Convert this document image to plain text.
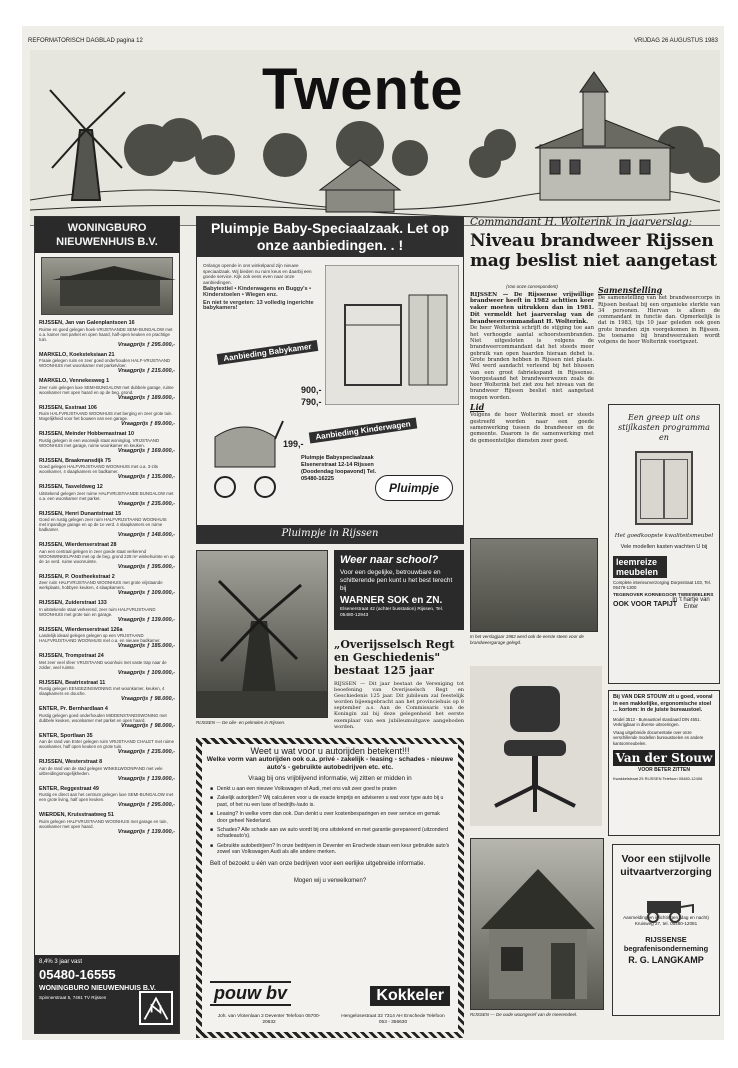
REFORMATORISCH DAGBLAD pagina 12	VRIJDAG 26 AUGUSTUS 1983
Twente
WONINGBURO NIEUWENHUIS B.V.
RIJSSEN, Jan van Galenplantsoen 16
Ruime en goed gelegen hoek-VRIJSTAANDE SEMI-BUNGALOW met o.a. kamer met parket en open haard, half-open keuken en prachtige tuin.
Vraagprijs ƒ 295.000,-
MARKELO, Koeksteksiaan 21
Fraaie gelegen ruim en zeer goed onderhouden HALF-VRIJSTAAND WOONHUIS met woonkamer met parketvloer.
Vraagprijs ƒ 215.000,-
MARKELO, Vennekesweg 1
Zeer ruim gelegen luxe SEMI-BUNGALOW met dubbele garage, ruime woonkamer met open haard en op de beg. grond.
Vraagprijs ƒ 189.000,-
RIJSSEN, Esstraat 106
Ruim HALFVRIJSTAAND WOONHUIS met berging en zeer grote tuin. Mogelijkheid voor het bouwen van een garage.
Vraagprijs ƒ 89.000,-
RIJSSEN, Meinder Hobbemastraat 10
Rustig gelegen in een woonwijk staat woninglog. VRIJSTAAND WOONHUIS met garage, ruime woonkamer en keuken.
Vraagprijs ƒ 169.000,-
RIJSSEN, Braakmansdijk 75
Goed gelegen HALFVRIJSTAAND WOONHUIS met o.a. 3-zits woonkamer, 4 slaapkamers en badkamer.
Vraagprijs ƒ 135.000,-
RIJSSEN, Tasveldweg 12
Uitstekend gelegen zeer ruime HALFVRIJSTAANDE BUNGALOW met o.a. een woonkamer met parket.
Vraagprijs ƒ 235.000,-
RIJSSEN, Henri Dunantstraat 15
Goed en rustig gelegen zeer ruim HALFVRIJSTAAND WOONHUIS met inpandige garage en op de 1e verd. 4 slaapkamers en ruime badkamer.
Vraagprijs ƒ 148.000,-
RIJSSEN, Wierdenserstraat 28
Aan een centraal gelegen in zeer goede staat verkerend WOONWINKELPAND met op de beg. grond 228 m² winkelruimte en op de 1e verd. ruime woonruimte.
Vraagprijs ƒ 395.000,-
RIJSSEN, P. Oostheekstraat 2
Zeer ruim HALFVRIJSTAAND WOONHUIS met grote vrijstaande werkplaats, hobbyen keuken, 4 slaapkamers.
Vraagprijs ƒ 109.000,-
RIJSSEN, Zuiderstraat 133
In uitstekende staat verkerend, zeer ruim HALFVRIJSTAAND WOONHUIS met grote tuin en garage.
Vraagprijs ƒ 139.000,-
RIJSSEN, Wierdenserstraat 126a
Landelijk ideaal gelegen gelegen op een VRIJSTAAND HALFVRIJSTAAND WOONHUIS met o.a. en nieuwe badkamer.
Vraagprijs ƒ 185.000,-
RIJSSEN, Trompstraat 24
Met zeer veel sfeer VRIJSTAAND woonhuis met vaste trap naar de zolder, veel ruimte.
Vraagprijs ƒ 109.000,-
RIJSSEN, Beatrixstraat 11
Rustig gelegen EENGEZINSWONING met woonkamer, keuken, 4 slaapkamers en douche.
Vraagprijs ƒ 98.000,-
ENTER, Pr. Bernhardlaan 4
Rustig gelegen goed onderhouden MIDDENSTANDSWONING met dubbele keuken, woonkamer met parket en open haard.
Vraagprijs ƒ 98.000,-
ENTER, Sportlaan 35
Aan de rand van Enter gelegen ruim VRIJSTAAND CHALET met ruime woonkamer, half open keuken en grote tuin.
Vraagprijs ƒ 235.000,-
RIJSSEN, Westerstraat 8
Aan de rand van de stad gelegen WINKELWOONPAND met vele uitbreidingsmogelijkheden.
Vraagprijs ƒ 139.000,-
ENTER, Reggestraat 49
Rustig en direct aan het centrum gelegen luxe SEMI-BUNGALOW met een grote living, half open keuken.
Vraagprijs ƒ 295.000,-
WIERDEN, Kruisstraatweg 51
Ruim gelegen HALFVRIJSTAAND WOONHUIS met garage en tuin, woonkamer met open haard.
Vraagprijs ƒ 139.000,-
8,4% 3 jaar vast
05480-16555
WONINGBURO NIEUWENHUIS B.V.
Spinnerstraat 5, 7461 TV Rijssen
Pluimpje Baby-Speciaalzaak. Let op onze aanbiedingen. . !
Onlangs opende in ons winkelpand zijn nieuwe speciaalzaak. Wij bieden nu ruim keus en daarbij een goede service. Kijk ook eens even naar onze aanbiedingen.
Babytextiel • Kinderwagens en Buggy's • Kinderstoelen • Wiegen enz.
En niet te vergeten: 13 volledig ingerichte babykamers!
Aanbieding Babykamer
900,-
790,-
199,-
Aanbieding Kinderwagen
Pluimpje Babyspeciaalzaak Elsenerstraat 12-14 Rijssen (Doodendag loopavond) Tel. 05480-16225
Pluimpje
Pluimpje in Rijssen
Commandant H. Wolterink in jaarverslag:
Niveau brandweer Rijssen mag beslist niet aangetast
(Van onze correspondent)

RIJSSEN — De Rijssense vrijwillige brandweer heeft in 1982 achttien keer vaker moeten uitrukken dan in 1981. Dit vermeldt het jaarverslag van de brandweercommandant H. Wolterink.

De heer Wolterink schrijft de stijging toe aan het verhoogde aantal schoorsteenbranden. Niet uitgesloten is volgens de brandweercommandant dat het steeds meer gebruik van open haarden hieraan debet is. Grote branden hebben in Rijssen niet plaats. Wel werd aandacht verleend bij het blussen van een groot fabriekspand in Rijssense. Voorgestaand het brandweerwezen zoals de heer Wolterink het ziet zou het niveau van de brandweer Rijssen beslist niet aangetast mogen worden.

Lid

Volgens de heer Wolterink moet er steeds gestreefd worden naar een goede samenwerking tussen de brandweer en de gemeente. Daarom is de samenwerking met de gemeentelijke diensten zeer goed.

Samenstelling

De samenstelling van het brandweercorps in Rijssen bestaat bij een organieke sterkte van 34 personen. Hiervan is alleen de commandant in functie dan. Opmerkelijk is dat in 1983, tijs 10 jaar geleden ook geen grote branden zijn voorgekomen in Rijssen. De toename bij brandweerzaken wordt volgens de heer Wolterink voortgezet.

In het verslagjaar 1982 werd ook de eerste steen voor de brandweergarage gelegd.
Een greep uit ons stijlkasten programma en
Het goedkoopste kwaliteitsmeubel
Vele modellen kasten wachten U bij
leemreize meubelen
In 't hartje van Enter
Complete interieurverzorging Dorpsstraat 103, Tel. 05478-1300
TEGENOVER KORNEGOOR TWEEWIELERS
OOK VOOR TAPIJT
RIJSSEN — De olie- en pelmolen in Rijssen.
Weer naar school?
Voor een degelijke, betrouwbare en schitterende pen kunt u het best terecht bij
WARNER SOK en ZN.
Elsenerstraat 42 (achter busstation) Rijssen, Tel. 05480-12943
„Overijsselsch Regt en Geschiedenis" bestaat 125 jaar
RIJSSEN — Dit jaar bestaat de Vereniging tot beoefening van Overijsselsch Regt en Geschiedenis 125 jaar. Dit jubileum zal feestelijk worden bijeengebracht aan het provinciehuis op 8 september a.s. Aan de Commissaris van de Koningin zal bij deze gelegenheid het eerste exemplaar van een jubileumuitgave aangeboden worden.
Weet u wat voor u autorijden betekent!!!
Welke vorm van autorijden ook o.a. privé - zakelijk - leasing - schades - nieuwe auto's - gebruikte autobedrijven etc. etc.
Vraag bij ons vrijblijvend informatie, wij zitten er midden in
■ Denkt u aan een nieuwe Volkswagen of Audi, met ons valt zeer goed te praten
■ Zakelijk autorijden? Wij calculeren voor u de exacte kmprijs en adviseren u wat voor type auto bij u past, of het nu een luxe of bedrijfs-/auto is.
■ Leasing? In welke vorm dan ook. Dan denkt u over kostenbesparingen en over service en gemak door geheel Nederland.
■ Schades? Alle schade aan uw auto wordt bij ons uitstekend en met garantie gerepareerd (uitzonderd schadeauto's).
■ Gebruikte autobedrijven? In onze bedrijven in Deventer en Enschede staan een keur gebruikte auto's zowel van Volkswagen Audi als alle andere merken.
Belt of bezoekt u één van onze bedrijven voor een eerlijke uitgebreide informatie.
Mogen wij u verwelkomen?
pouw bv	Kokkeler
Joh. van Vlotenlaan 2 Deventer Telefoon 05700-20632
Hengelosestraat 32 7314 AH Enschede Telefoon 053 - 356630
Bij VAN DER STOUW zit u goed, vooral in een makkelijke, ergonomische stoel ... kortom: in de juiste bureaustoel.
Model 3513 - Bureaustoel standaard DIN 4551. Verkrijgbaar in diverse uitvoeringen.
Vraag uitgebreide documentatie over onze verschillende modellen bureaustoelen en andere kantoormeubelen.
Van der Stouw
VOOR BETER ZITTEN
Kwakkelstraat 25 RIJSSEN Telefoon 05480-12406
RIJSSEN — De oude woongerief van de meerendeel.
Voor een stijlvolle uitvaartverzorging
Aanmelding en inlichtingen (dag en nacht) Kruisweg 27, tel. 05480-12081
RIJSSENSE begrafenisonderneming
R. G. LANGKAMP
